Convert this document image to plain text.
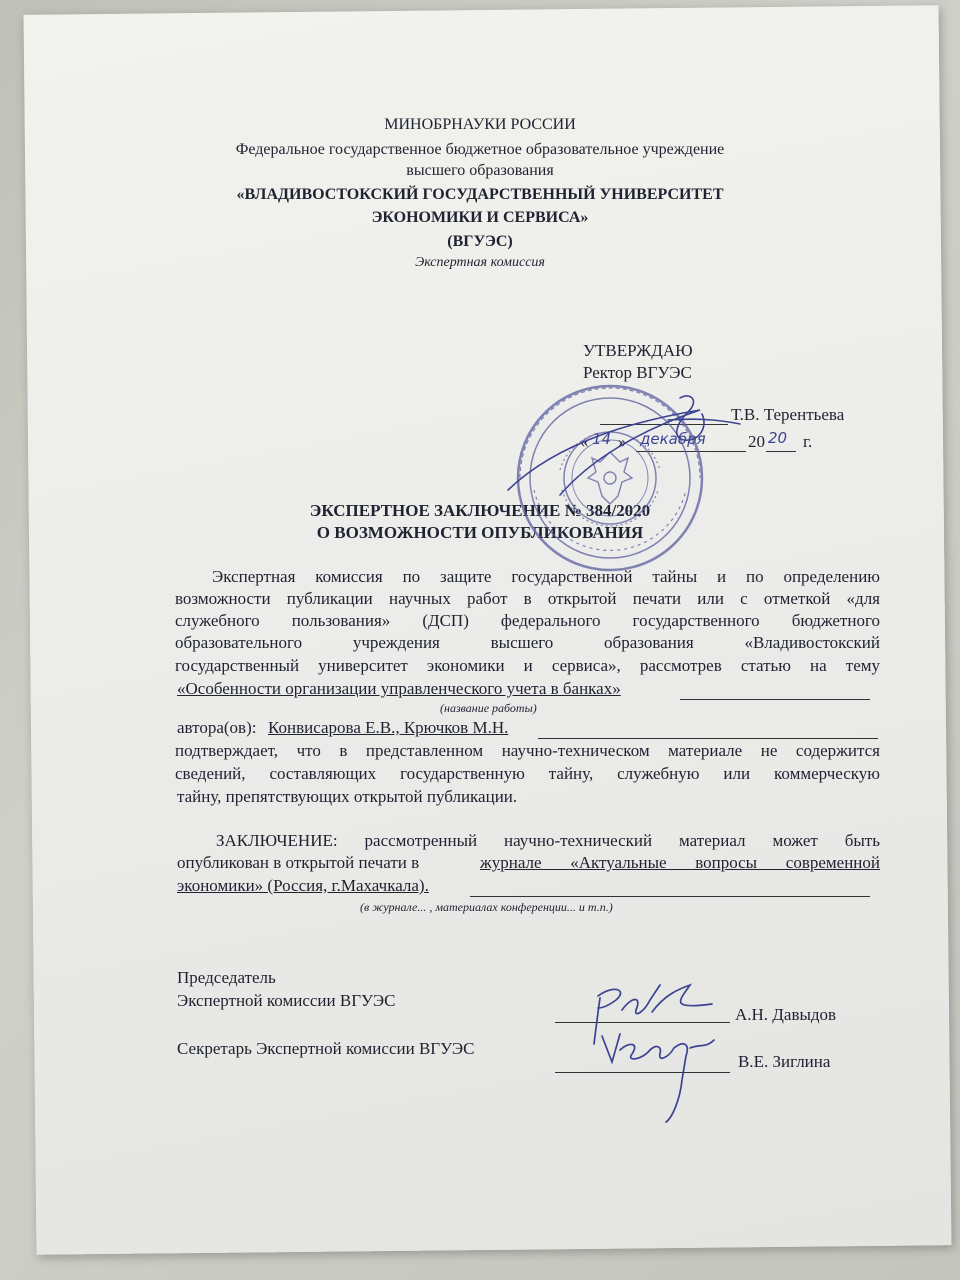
МИНОБРНАУКИ РОССИИ
Федеральное государственное бюджетное образовательное учреждение
высшего образования
«ВЛАДИВОСТОКСКИЙ ГОСУДАРСТВЕННЫЙ УНИВЕРСИТЕТ
ЭКОНОМИКИ И СЕРВИСА»
(ВГУЭС)
Экспертная комиссия
УТВЕРЖДАЮ
Ректор ВГУЭС
Т.В. Терентьева
« 14 » декабря 20 20 г.
ЭКСПЕРТНОЕ ЗАКЛЮЧЕНИЕ № 384/2020
О ВОЗМОЖНОСТИ ОПУБЛИКОВАНИЯ
Экспертная комиссия по защите государственной тайны и по определению
возможности публикации научных работ в открытой печати или с отметкой «для
служебного пользования» (ДСП) федерального государственного бюджетного
образовательного учреждения высшего образования «Владивостокский
государственный университет экономики и сервиса», рассмотрев статью на тему
«Особенности организации управленческого учета в банках»
(название работы)
автора(ов): Конвисарова Е.В., Крючков М.Н.
подтверждает, что в представленном научно-техническом материале не содержится
сведений, составляющих государственную тайну, служебную или коммерческую
тайну, препятствующих открытой публикации.
ЗАКЛЮЧЕНИЕ: рассмотренный научно-технический материал может быть
опубликован в открытой печати в	журнале «Актуальные вопросы современной
экономики» (Россия, г.Махачкала).
(в журнале... , материалах конференции... и т.п.)
Председатель
Экспертной комиссии ВГУЭС
А.Н. Давыдов
Секретарь Экспертной комиссии ВГУЭС
В.Е. Зиглина
